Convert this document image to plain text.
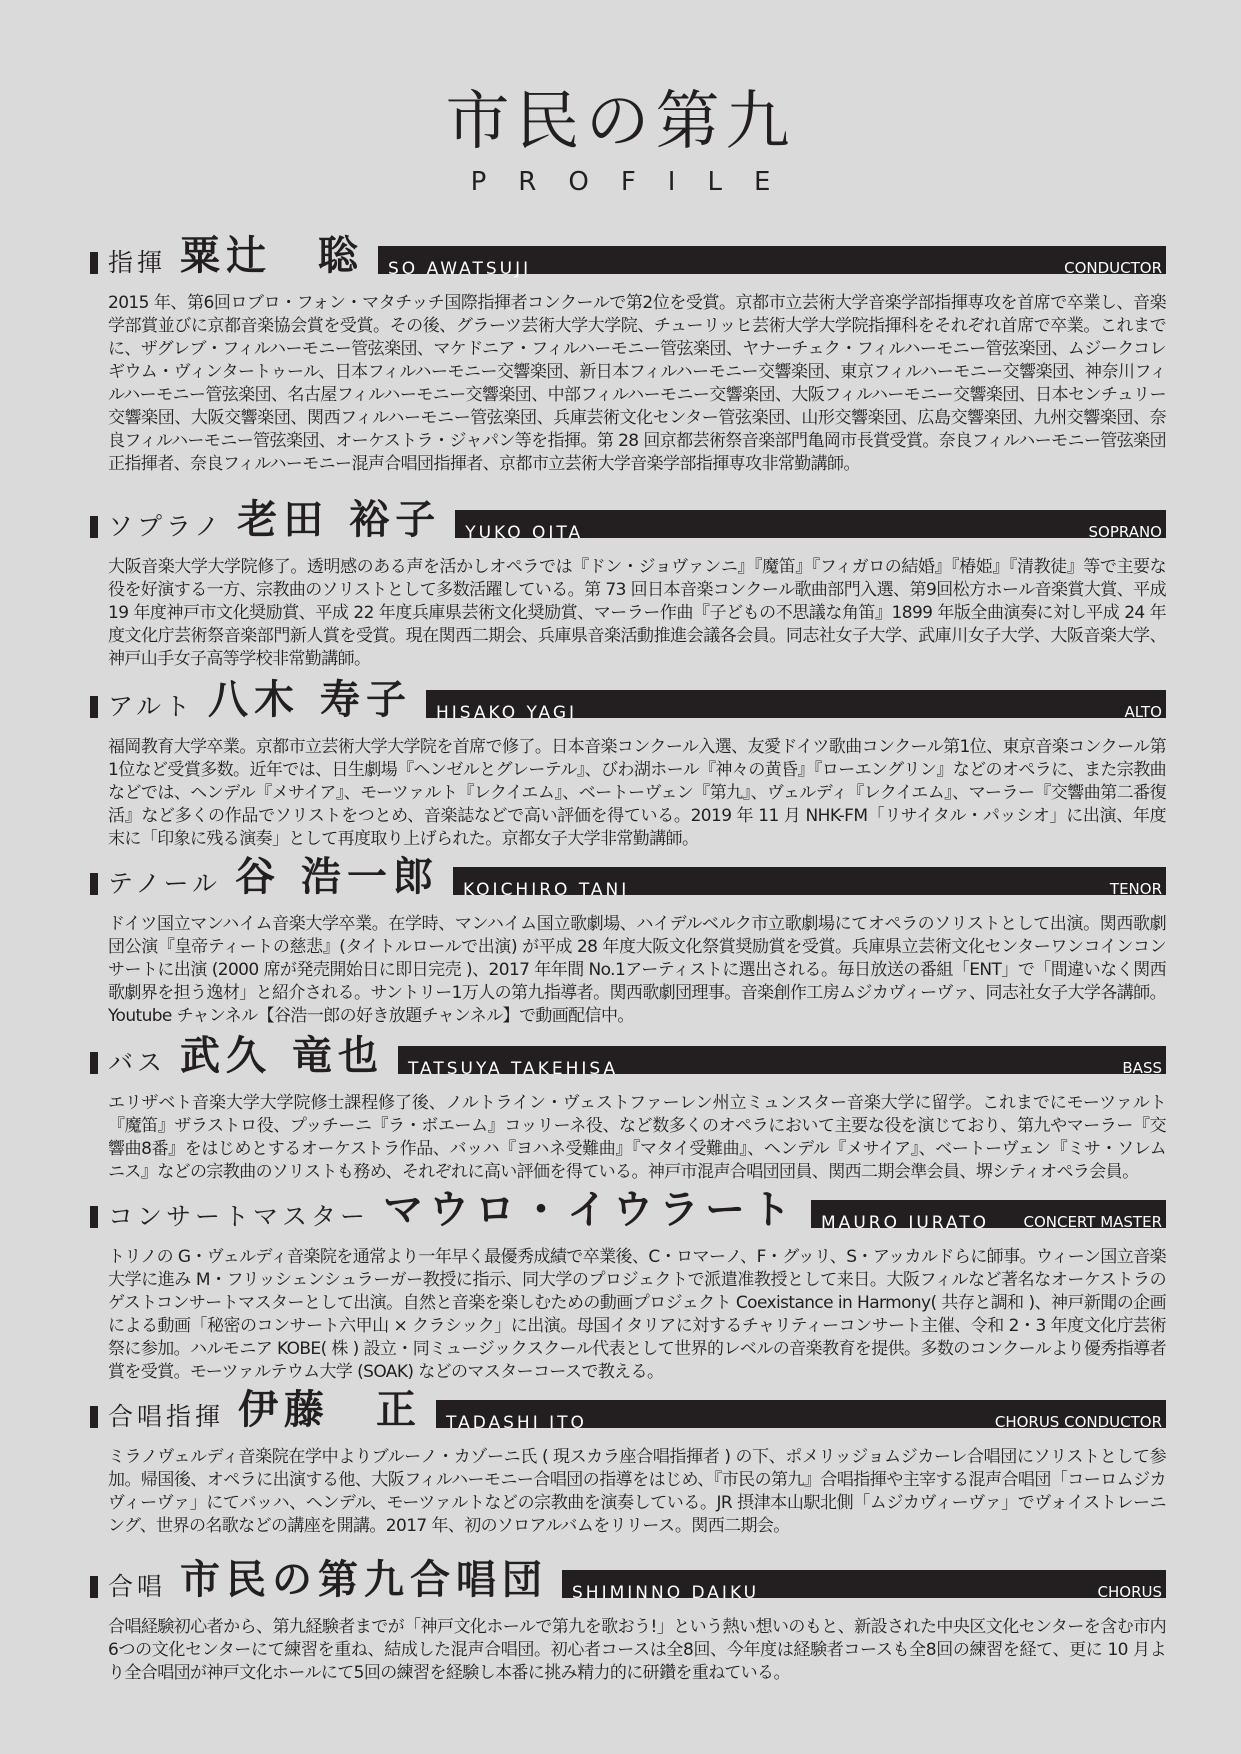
市民の第九
PROFILE
指揮 粟辻　聡	SO AWATSUJI	CONDUCTOR
2015 年、第6回ロブロ・フォン・マタチッチ国際指揮者コンクールで第2位を受賞。京都市立芸術大学音楽学部指揮専攻を首席で卒業し、音楽学部賞並びに京都音楽協会賞を受賞。その後、グラーツ芸術大学大学院、チューリッヒ芸術大学大学院指揮科をそれぞれ首席で卒業。これまでに、ザグレブ・フィルハーモニー管弦楽団、マケドニア・フィルハーモニー管弦楽団、ヤナーチェク・フィルハーモニー管弦楽団、ムジークコレギウム・ヴィンタートゥール、日本フィルハーモニー交響楽団、新日本フィルハーモニー交響楽団、東京フィルハーモニー交響楽団、神奈川フィルハーモニー管弦楽団、名古屋フィルハーモニー交響楽団、中部フィルハーモニー交響楽団、大阪フィルハーモニー交響楽団、日本センチュリー交響楽団、大阪交響楽団、関西フィルハーモニー管弦楽団、兵庫芸術文化センター管弦楽団、山形交響楽団、広島交響楽団、九州交響楽団、奈良フィルハーモニー管弦楽団、オーケストラ・ジャパン等を指揮。第 28 回京都芸術祭音楽部門亀岡市長賞受賞。奈良フィルハーモニー管弦楽団正指揮者、奈良フィルハーモニー混声合唱団指揮者、京都市立芸術大学音楽学部指揮専攻非常勤講師。
ソプラノ 老田 裕子	YUKO OITA	SOPRANO
大阪音楽大学大学院修了。透明感のある声を活かしオペラでは『ドン・ジョヴァンニ』『魔笛』『フィガロの結婚』『椿姫』『清教徒』等で主要な役を好演する一方、宗教曲のソリストとして多数活躍している。第 73 回日本音楽コンクール歌曲部門入選、第9回松方ホール音楽賞大賞、平成 19 年度神戸市文化奨励賞、平成 22 年度兵庫県芸術文化奨励賞、マーラー作曲『子どもの不思議な角笛』1899 年版全曲演奏に対し平成 24 年度文化庁芸術祭音楽部門新人賞を受賞。現在関西二期会、兵庫県音楽活動推進会議各会員。同志社女子大学、武庫川女子大学、大阪音楽大学、神戸山手女子高等学校非常勤講師。
アルト 八木 寿子	HISAKO YAGI	ALTO
福岡教育大学卒業。京都市立芸術大学大学院を首席で修了。日本音楽コンクール入選、友愛ドイツ歌曲コンクール第1位、東京音楽コンクール第1位など受賞多数。近年では、日生劇場『ヘンゼルとグレーテル』、びわ湖ホール『神々の黄昏』『ローエングリン』などのオペラに、また宗教曲などでは、ヘンデル『メサイア』、モーツァルト『レクイエム』、ベートーヴェン『第九』、ヴェルディ『レクイエム』、マーラー『交響曲第二番復活』など多くの作品でソリストをつとめ、音楽誌などで高い評価を得ている。2019 年 11 月 NHK-FM「リサイタル・パッシオ」に出演、年度末に「印象に残る演奏」として再度取り上げられた。京都女子大学非常勤講師。
テノール 谷 浩一郎	KOICHIRO TANI	TENOR
ドイツ国立マンハイム音楽大学卒業。在学時、マンハイム国立歌劇場、ハイデルベルク市立歌劇場にてオペラのソリストとして出演。関西歌劇団公演『皇帝ティートの慈悲』(タイトルロールで出演) が平成 28 年度大阪文化祭賞奨励賞を受賞。兵庫県立芸術文化センターワンコインコンサートに出演 (2000 席が発売開始日に即日完売 )、2017 年年間 No.1アーティストに選出される。毎日放送の番組「ENT」で「間違いなく関西歌劇界を担う逸材」と紹介される。サントリー1万人の第九指導者。関西歌劇団理事。音楽創作工房ムジカヴィーヴァ、同志社女子大学各講師。Youtube チャンネル【谷浩一郎の好き放題チャンネル】で動画配信中。
バス 武久 竜也	TATSUYA TAKEHISA	BASS
エリザベト音楽大学大学院修士課程修了後、ノルトライン・ヴェストファーレン州立ミュンスター音楽大学に留学。これまでにモーツァルト『魔笛』ザラストロ役、プッチーニ『ラ・ボエーム』コッリーネ役、など数多くのオペラにおいて主要な役を演じており、第九やマーラー『交響曲8番』をはじめとするオーケストラ作品、バッハ『ヨハネ受難曲』『マタイ受難曲』、ヘンデル『メサイア』、ベートーヴェン『ミサ・ソレムニス』などの宗教曲のソリストも務め、それぞれに高い評価を得ている。神戸市混声合唱団団員、関西二期会準会員、堺シティオペラ会員。
コンサートマスター マウロ・イウラート	MAURO IURATO CONCERT MASTER
トリノの G・ヴェルディ音楽院を通常より一年早く最優秀成績で卒業後、C・ロマーノ、F・グッリ、S・アッカルドらに師事。ウィーン国立音楽大学に進み M・フリッシェンシュラーガー教授に指示、同大学のプロジェクトで派遣准教授として来日。大阪フィルなど著名なオーケストラのゲストコンサートマスターとして出演。自然と音楽を楽しむための動画プロジェクト Coexistance in Harmony( 共存と調和 )、神戸新聞の企画による動画「秘密のコンサート六甲山 × クラシック」に出演。母国イタリアに対するチャリティーコンサート主催、令和 2・3 年度文化庁芸術祭に参加。ハルモニア KOBE( 株 ) 設立・同ミュージックスクール代表として世界的レベルの音楽教育を提供。多数のコンクールより優秀指導者賞を受賞。モーツァルテウム大学 (SOAK) などのマスターコースで教える。
合唱指揮 伊藤　正	TADASHI ITO	CHORUS CONDUCTOR
ミラノヴェルディ音楽院在学中よりブルーノ・カゾーニ氏 ( 現スカラ座合唱指揮者 ) の下、ポメリッジョムジカーレ合唱団にソリストとして参加。帰国後、オペラに出演する他、大阪フィルハーモニー合唱団の指導をはじめ、『市民の第九』合唱指揮や主宰する混声合唱団「コーロムジカヴィーヴァ」にてバッハ、ヘンデル、モーツァルトなどの宗教曲を演奏している。JR 摂津本山駅北側「ムジカヴィーヴァ」でヴォイストレーニング、世界の名歌などの講座を開講。2017 年、初のソロアルバムをリリース。関西二期会。
合唱 市民の第九合唱団	SHIMINNO DAIKU	CHORUS
合唱経験初心者から、第九経験者までが「神戸文化ホールで第九を歌おう!」という熱い想いのもと、新設された中央区文化センターを含む市内6つの文化センターにて練習を重ね、結成した混声合唱団。初心者コースは全8回、今年度は経験者コースも全8回の練習を経て、更に 10 月より全合唱団が神戸文化ホールにて5回の練習を経験し本番に挑み精力的に研鑽を重ねている。
